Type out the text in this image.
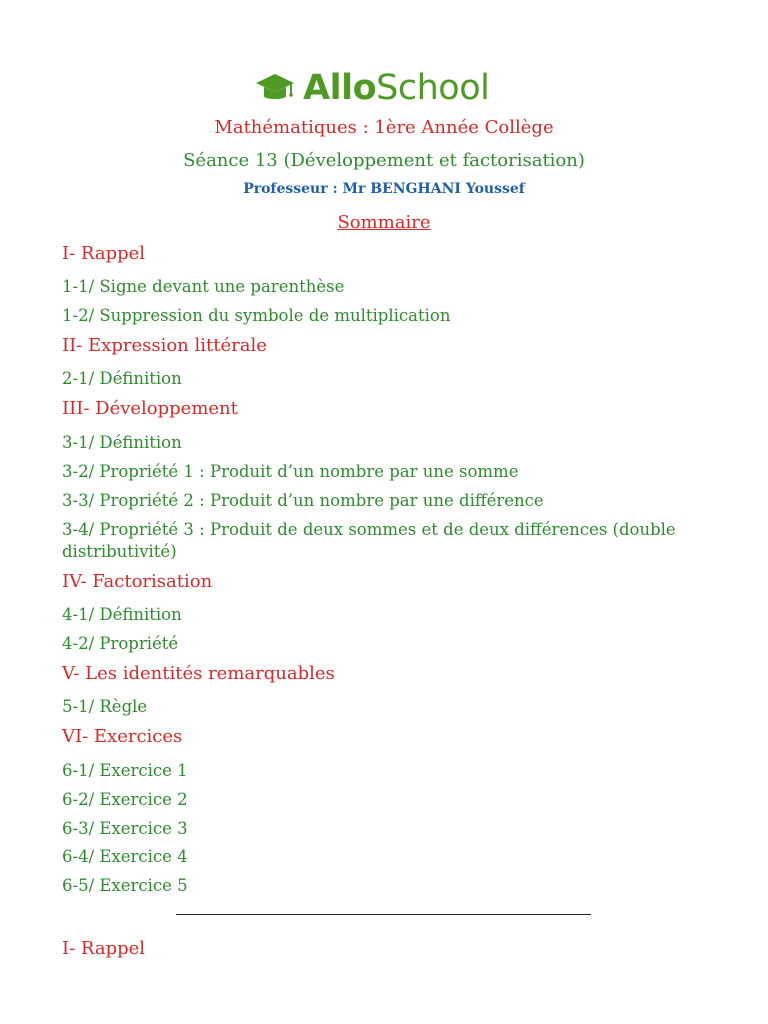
AlloSchool
Mathématiques : 1ère Année Collège
Séance 13 (Développement et factorisation)
Professeur : Mr BENGHANI Youssef
Sommaire
I- Rappel
1-1/ Signe devant une parenthèse
1-2/ Suppression du symbole de multiplication
II- Expression littérale
2-1/ Définition
III- Développement
3-1/ Définition
3-2/ Propriété 1 : Produit d’un nombre par une somme
3-3/ Propriété 2 : Produit d’un nombre par une différence
3-4/ Propriété 3 : Produit de deux sommes et de deux différences (double distributivité)
IV- Factorisation
4-1/ Définition
4-2/ Propriété
V- Les identités remarquables
5-1/ Règle
VI- Exercices
6-1/ Exercice 1
6-2/ Exercice 2
6-3/ Exercice 3
6-4/ Exercice 4
6-5/ Exercice 5
I- Rappel
